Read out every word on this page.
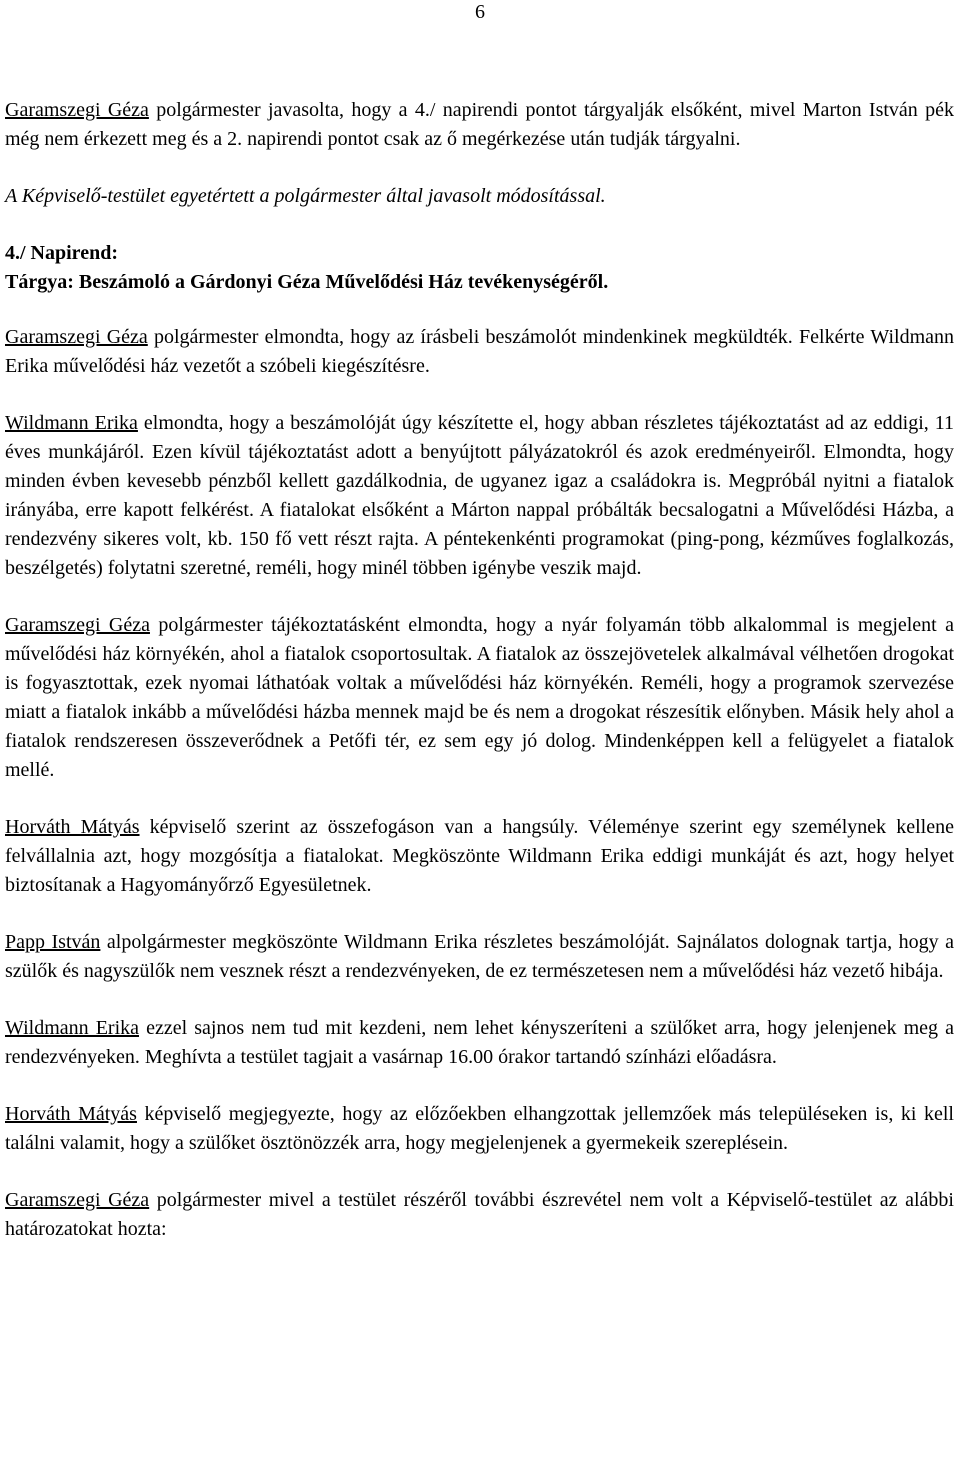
6

Garamszegi Géza polgármester javasolta, hogy a 4./ napirendi pontot tárgyalják elsőként, mivel Marton István pék még nem érkezett meg és a 2. napirendi pontot csak az ő megérkezése után tudják tárgyalni.

A Képviselő-testület egyetértett a polgármester által javasolt módosítással.

4./ Napirend:
Tárgya: Beszámoló a Gárdonyi Géza Művelődési Ház tevékenységéről.

Garamszegi Géza polgármester elmondta, hogy az írásbeli beszámolót mindenkinek megküldték. Felkérte Wildmann Erika művelődési ház vezetőt a szóbeli kiegészítésre.

Wildmann Erika elmondta, hogy a beszámolóját úgy készítette el, hogy abban részletes tájékoztatást ad az eddigi, 11 éves munkájáról. Ezen kívül tájékoztatást adott a benyújtott pályázatokról és azok eredményeiről. Elmondta, hogy minden évben kevesebb pénzből kellett gazdálkodnia, de ugyanez igaz a családokra is. Megpróbál nyitni a fiatalok irányába, erre kapott felkérést. A fiatalokat elsőként a Márton nappal próbálták becsalogatni a Művelődési Házba, a rendezvény sikeres volt, kb. 150 fő vett részt rajta. A péntekenkénti programokat (ping-pong, kézműves foglalkozás, beszélgetés) folytatni szeretné, reméli, hogy minél többen igénybe veszik majd.

Garamszegi Géza polgármester tájékoztatásként elmondta, hogy a nyár folyamán több alkalommal is megjelent a művelődési ház környékén, ahol a fiatalok csoportosultak. A fiatalok az összejövetelek alkalmával vélhetően drogokat is fogyasztottak, ezek nyomai láthatóak voltak a művelődési ház környékén. Reméli, hogy a programok szervezése miatt a fiatalok inkább a művelődési házba mennek majd be és nem a drogokat részesítik előnyben. Másik hely ahol a fiatalok rendszeresen összeverődnek a Petőfi tér, ez sem egy jó dolog. Mindenképpen kell a felügyelet a fiatalok mellé.

Horváth Mátyás képviselő szerint az összefogáson van a hangsúly. Véleménye szerint egy személynek kellene felvállalnia azt, hogy mozgósítja a fiatalokat. Megköszönte Wildmann Erika eddigi munkáját és azt, hogy helyet biztosítanak a Hagyományőrző Egyesületnek.

Papp István alpolgármester megköszönte Wildmann Erika részletes beszámolóját. Sajnálatos dolognak tartja, hogy a szülők és nagyszülők nem vesznek részt a rendezvényeken, de ez természetesen nem a művelődési ház vezető hibája.

Wildmann Erika ezzel sajnos nem tud mit kezdeni, nem lehet kényszeríteni a szülőket arra, hogy jelenjenek meg a rendezvényeken. Meghívta a testület tagjait a vasárnap 16.00 órakor tartandó színházi előadásra.

Horváth Mátyás képviselő megjegyezte, hogy az előzőekben elhangzottak jellemzőek más településeken is, ki kell találni valamit, hogy a szülőket ösztönözzék arra, hogy megjelenjenek a gyermekeik szereplésein.

Garamszegi Géza polgármester mivel a testület részéről további észrevétel nem volt a Képviselő-testület az alábbi határozatokat hozta:
